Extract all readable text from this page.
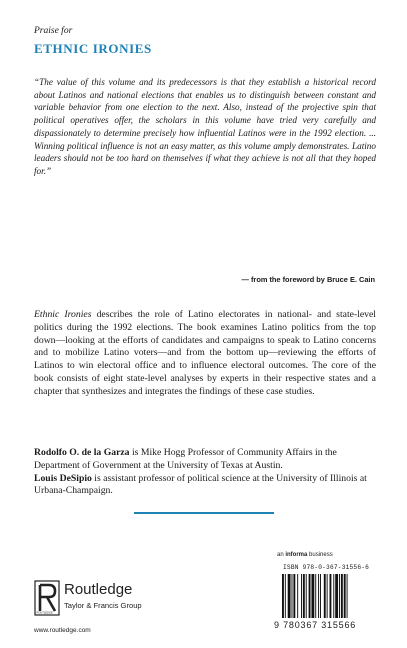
Praise for
ETHNIC IRONIES
“The value of this volume and its predecessors is that they establish a historical record about Latinos and national elections that enables us to distinguish between constant and variable behavior from one election to the next. Also, instead of the projective spin that political operatives offer, the scholars in this volume have tried very carefully and dispassionately to determine precisely how influential Latinos were in the 1992 election. ... Winning political influence is not an easy matter, as this volume amply demonstrates. Latino leaders should not be too hard on themselves if what they achieve is not all that they hoped for.”
— from the foreword by Bruce E. Cain
Ethnic Ironies describes the role of Latino electorates in national- and state-level politics during the 1992 elections. The book examines Latino politics from the top down—looking at the efforts of candidates and campaigns to speak to Latino concerns and to mobilize Latino voters—and from the bottom up—reviewing the efforts of Latinos to win electoral office and to influence electoral outcomes. The core of the book consists of eight state-level analyses by experts in their respective states and a chapter that synthesizes and integrates the findings of these case studies.

Rodolfo O. de la Garza is Mike Hogg Professor of Community Affairs in the Department of Government at the University of Texas at Austin.

Louis DeSipio is assistant professor of political science at the University of Illinois at Urbana-Champaign.

an informa business
ROUTLEDGE
Routledge
Taylor & Francis Group
www.routledge.com
ISBN 978-0-367-31556-6
9 780367 315566
